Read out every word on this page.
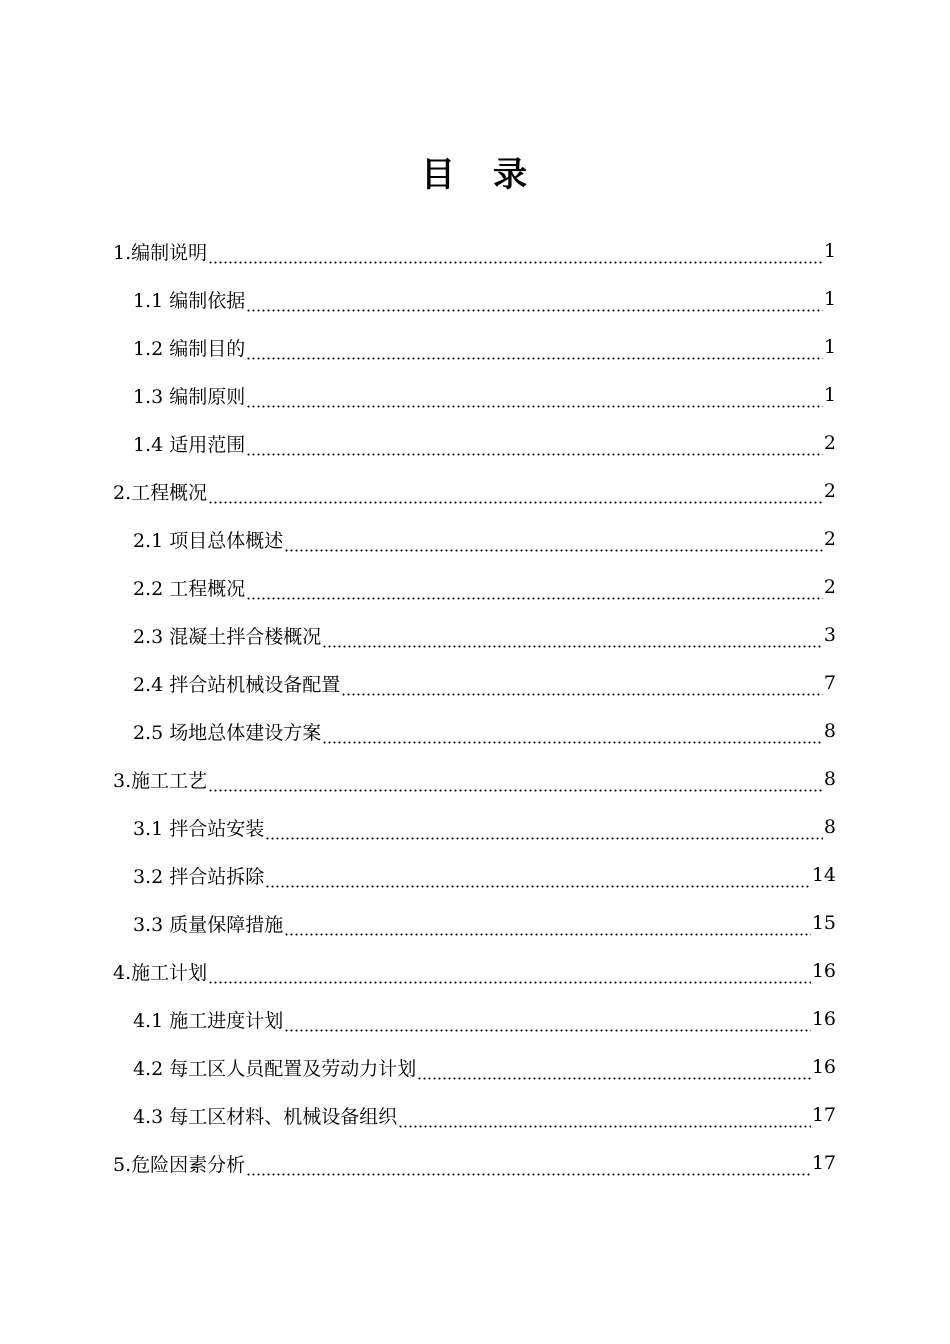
目　录
1.编制说明	1
1.1 编制依据	1
1.2 编制目的	1
1.3 编制原则	1
1.4 适用范围	2
2.工程概况	2
2.1 项目总体概述	2
2.2 工程概况	2
2.3 混凝土拌合楼概况	3
2.4 拌合站机械设备配置	7
2.5 场地总体建设方案	8
3.施工工艺	8
3.1 拌合站安装	8
3.2 拌合站拆除	14
3.3 质量保障措施	15
4.施工计划	16
4.1 施工进度计划	16
4.2 每工区人员配置及劳动力计划	16
4.3 每工区材料、机械设备组织	17
5.危险因素分析	17
